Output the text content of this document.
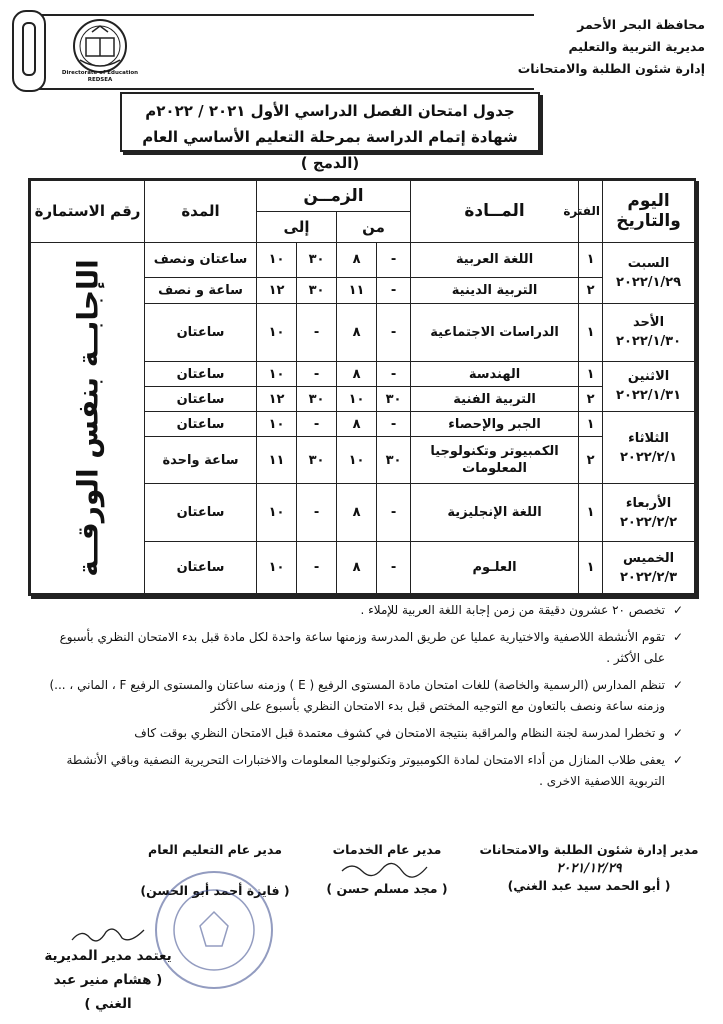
Directorate of Education
REDSEA
محافظة البحر الأحمر
مديرية التربية والتعليم
إدارة شئون الطلبة والامتحانات
جدول امتحان الفصل الدراسي الأول ٢٠٢١ / ٢٠٢٢م
شهادة إتمام الدراسة بمرحلة التعليم الأساسي العام (الدمج )
اليوم والتاريخ	الفترة	المــادة	الزمــن				المدة	رقم الاستمارة
			من		إلى			

السبت
٢٠٢٢/١/٢٩	١	اللغة العربية	-	٨	٣٠	١٠	ساعتان ونصف	الإجابــة بنفس الورقــة

	٢	التربية الدينية	-	١١	٣٠	١٢	ساعة و نصف	

الأحد
٢٠٢٢/١/٣٠	١	الدراسات الاجتماعية	-	٨	-	١٠	ساعتان	

الاثنين
٢٠٢٢/١/٣١	١	الهندسة	-	٨	-	١٠	ساعتان	
	٢	التربية الفنية	٣٠	١٠	٣٠	١٢	ساعتان	

الثلاثاء
٢٠٢٢/٢/١	١	الجبر والإحصاء	-	٨	-	١٠	ساعتان	
	٢	الكمبيوتر وتكنولوجيا المعلومات	٣٠	١٠	٣٠	١١	ساعة واحدة	

الأربعاء
٢٠٢٢/٢/٢	١	اللغة الإنجليزية	-	٨	-	١٠	ساعتان	

الخميس
٢٠٢٢/٢/٣	١	العلـوم	-	٨	-	١٠	ساعتان	
✓
تخصص ٢٠ عشرون دقيقة من زمن إجابة اللغة العربية للإملاء .
✓
تقوم الأنشطة اللاصفية والاختيارية عمليا عن طريق المدرسة وزمنها ساعة واحدة لكل مادة قبل بدء الامتحان النظري بأسبوع على الأكثر .
✓
تنظم المدارس (الرسمية والخاصة) للغات امتحان مادة المستوى الرفيع ( E ) وزمنه ساعتان والمستوى الرفيع F ، الماني ، ...) وزمنه ساعة ونصف بالتعاون مع التوجيه المختص قبل بدء الامتحان النظري بأسبوع على الأكثر
✓
و تخطرا لمدرسة لجنة النظام والمراقبة بنتيجة الامتحان في كشوف معتمدة قبل الامتحان النظري بوقت كاف
✓
يعفى طلاب المنازل من أداء الامتحان لمادة الكومبيوتر وتكنولوجيا المعلومات والاختبارات التحريرية النصفية وباقي الأنشطة التربوية اللاصفية الاخرى .
مدير إدارة شئون الطلبة والامتحانات
٢٠٢١/١٢/٢٩
( أبو الحمد سيد عبد الغني)
مدير عام الخدمات
( مجد مسلم حسن )
مدير عام التعليم العام
( فايزة أحمد أبو الحسن)
يعتمد مدير المديرية
( هشام منير عبد الغني )
